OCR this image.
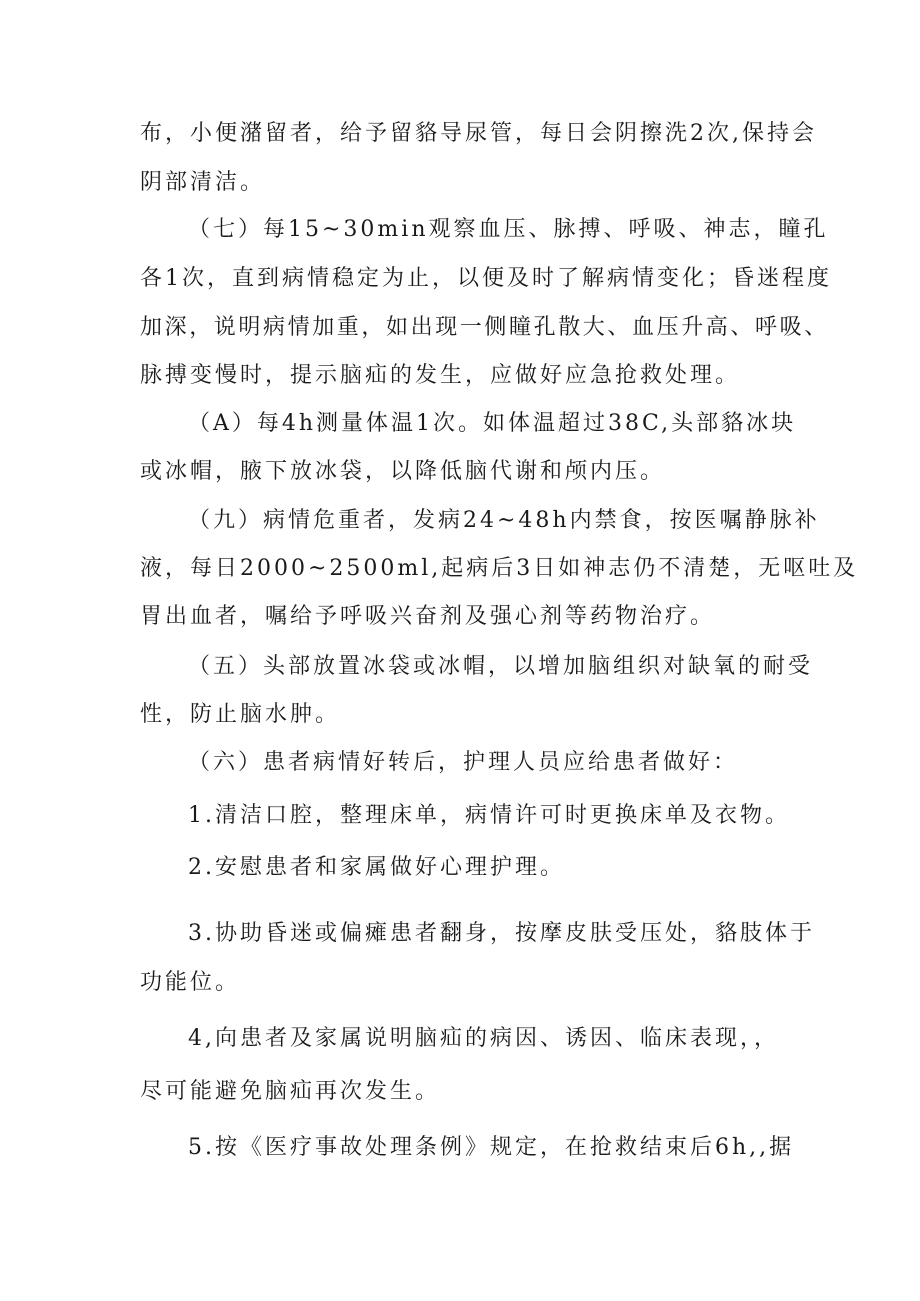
布，小便潴留者，给予留貉导尿管，每日会阴擦洗2次,保持会
阴部清洁。
（七）每15~30min观察血压、脉搏、呼吸、神志，瞳孔
各1次，直到病情稳定为止，以便及时了解病情变化；昏迷程度
加深，说明病情加重，如出现一侧瞳孔散大、血压升高、呼吸、
脉搏变慢时，提示脑疝的发生，应做好应急抢救处理。
（A）每4h测量体温1次。如体温超过38C,头部貉冰块
或冰帽，腋下放冰袋，以降低脑代谢和颅内压。
（九）病情危重者，发病24~48h内禁食，按医嘱静脉补
液，每日2000~2500ml,起病后3日如神志仍不清楚，无呕吐及
胃出血者，嘱给予呼吸兴奋剂及强心剂等药物治疗。
（五）头部放置冰袋或冰帽，以增加脑组织对缺氧的耐受
性，防止脑水肿。
（六）患者病情好转后，护理人员应给患者做好：
1.清洁口腔，整理床单，病情许可时更换床单及衣物。
2.安慰患者和家属做好心理护理。
3.协助昏迷或偏瘫患者翻身，按摩皮肤受压处，貉肢体于
功能位。
4,向患者及家属说明脑疝的病因、诱因、临床表现，，
尽可能避免脑疝再次发生。
5.按《医疗事故处理条例》规定，在抢救结束后6h,,据
